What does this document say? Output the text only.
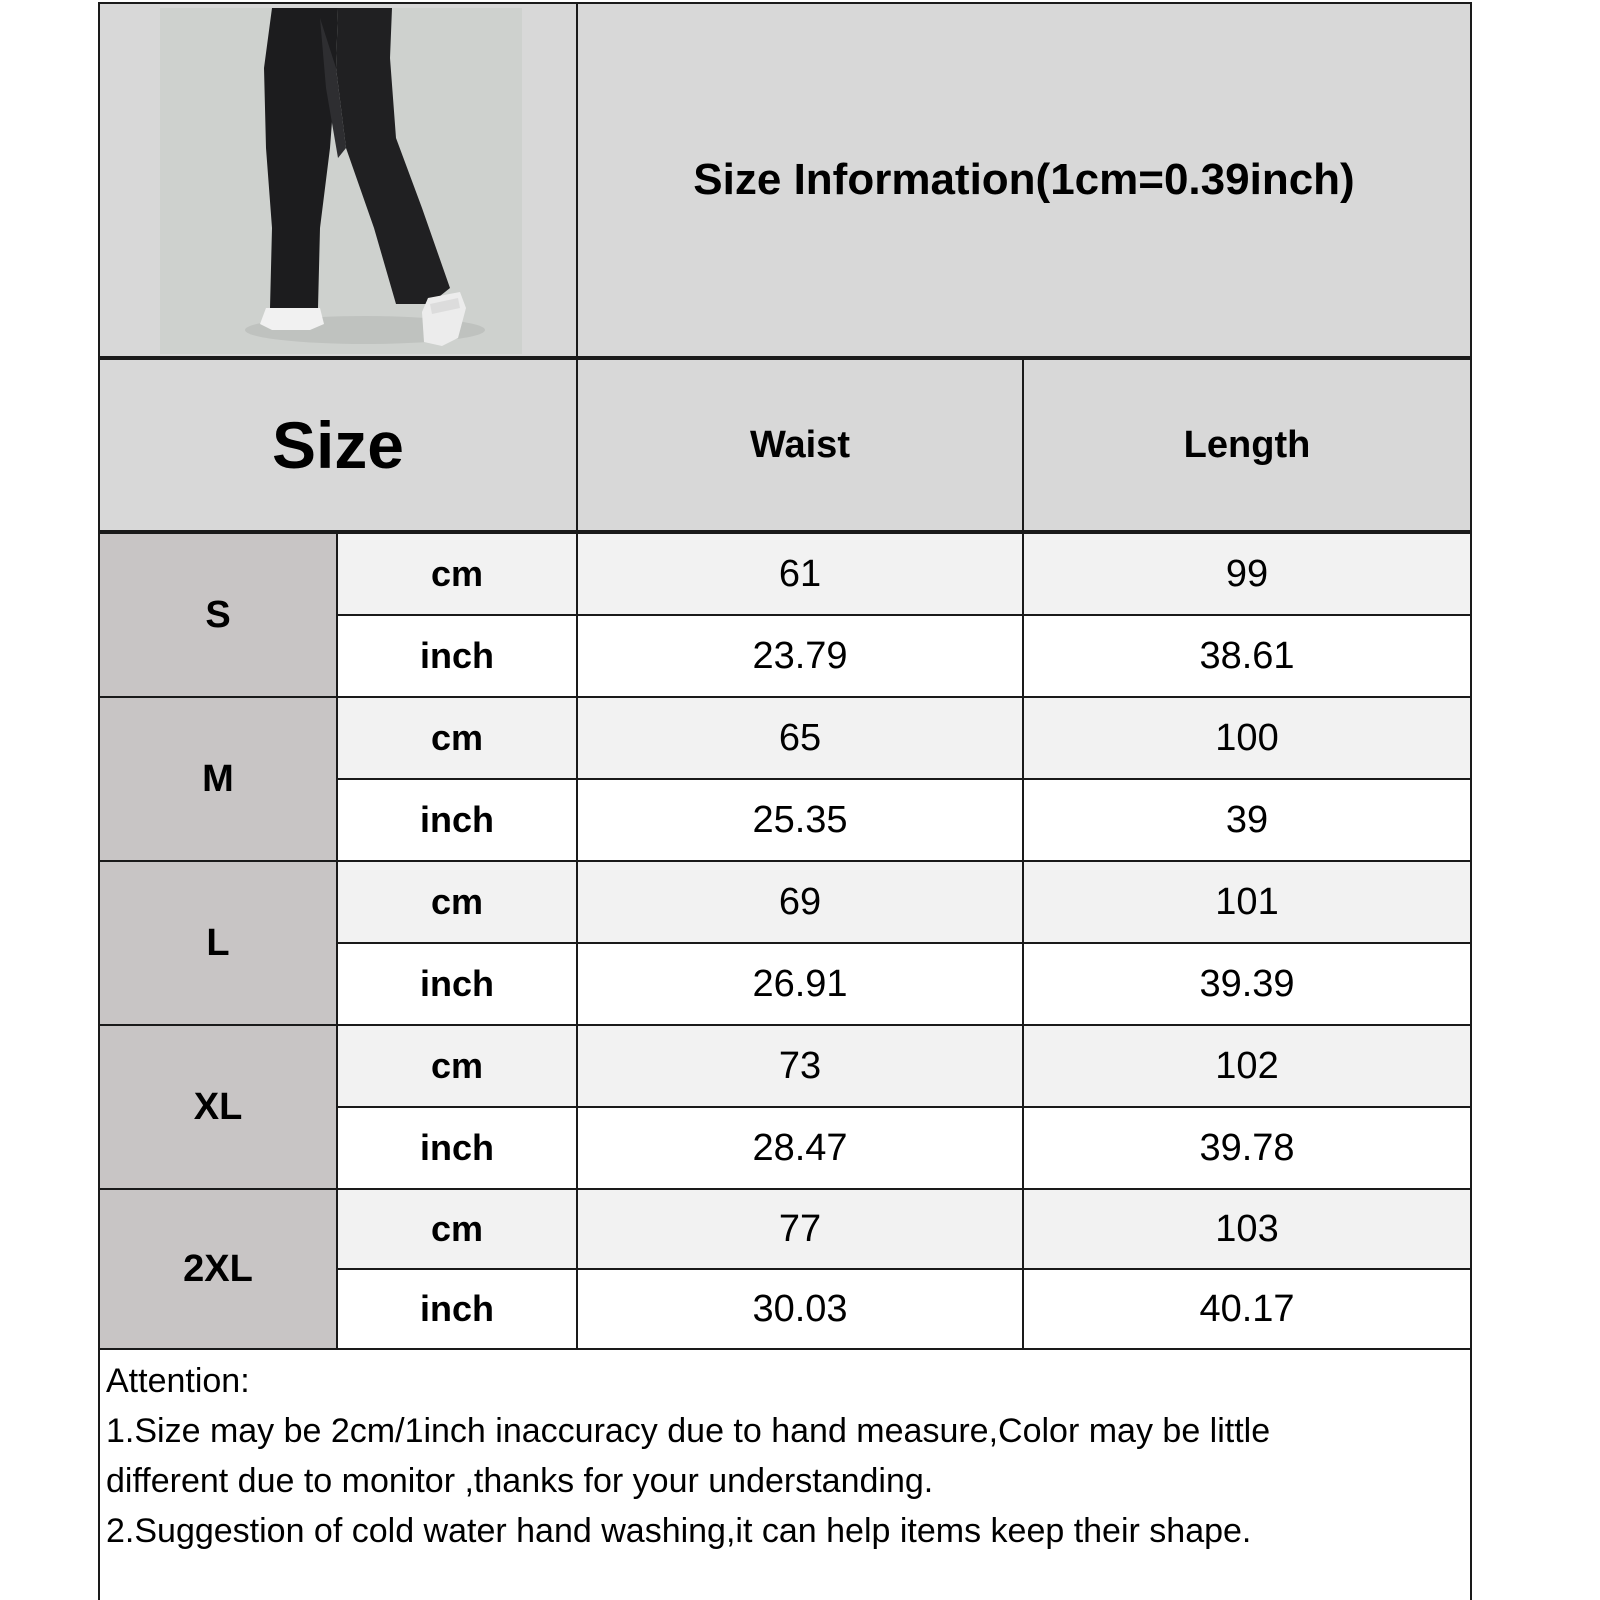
Size Information(1cm=0.39inch)
Size	Waist	Length
S
cm	61	99
inch	23.79	38.61
M
cm	65	100
inch	25.35	39
L
cm	69	101
inch	26.91	39.39
XL
cm	73	102
inch	28.47	39.78
2XL
cm	77	103
inch	30.03	40.17
Attention:
1.Size may be 2cm/1inch inaccuracy due to hand measure,Color may be little
different due to monitor ,thanks for your understanding.
2.Suggestion of cold water hand washing,it can help items keep their shape.
